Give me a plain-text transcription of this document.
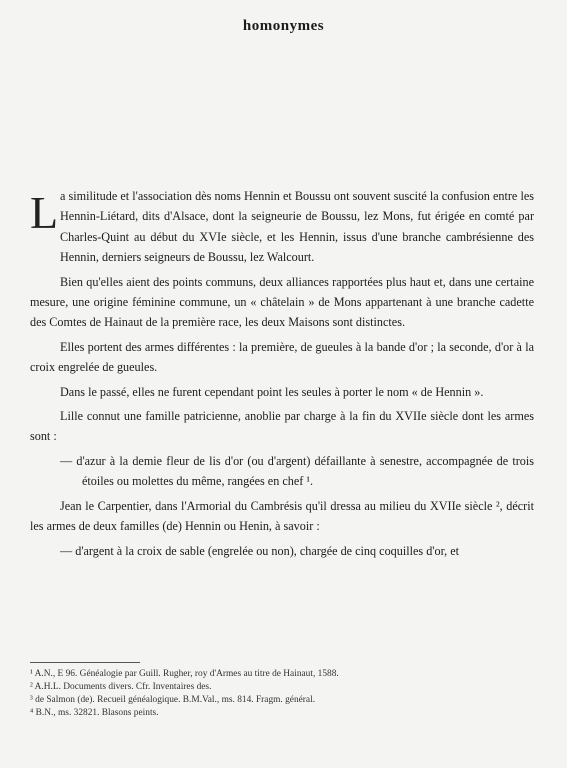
homonymes

L a similitude et l'association dès noms Hennin et Boussu ont souvent suscité la confusion entre les Hennin-Liétard, dits d'Alsace, dont la seigneurie de Boussu, lez Mons, fut érigée en comté par Charles-Quint au début du XVIe siècle, et les Hennin, issus d'une branche cambrésienne des Hennin, derniers seigneurs de Boussu, lez Walcourt.

Bien qu'elles aient des points communs, deux alliances rapportées plus haut et, dans une certaine mesure, une origine féminine commune, un « châtelain » de Mons appartenant à une branche cadette des Comtes de Hainaut de la première race, les deux Maisons sont distinctes.

Elles portent des armes différentes : la première, de gueules à la bande d'or ; la seconde, d'or à la croix engrelée de gueules.

Dans le passé, elles ne furent cependant point les seules à porter le nom « de Hennin ».

Lille connut une famille patricienne, anoblie par charge à la fin du XVIIe siècle dont les armes sont :

— d'azur à la demie fleur de lis d'or (ou d'argent) défaillante à senestre, accompagnée de trois étoiles ou molettes du même, rangées en chef ¹.

Jean le Carpentier, dans l'Armorial du Cambrésis qu'il dressa au milieu du XVIIe siècle ², décrit les armes de deux familles (de) Hennin ou Henin, à savoir :

— d'argent à la croix de sable (engrelée ou non), chargée de cinq coquilles d'or, et

¹ A.N., E 96. Généalogie par Guill. Rugher, roy d'Armes au titre de Hainaut, 1588.

² A.H.L. Documents divers. Cfr. Inventaires des.

³ de Salmon (de). Recueil généalogique. B.M.Val., ms. 814. Fragm. général.

⁴ B.N., ms. 32821. Blasons peints.
